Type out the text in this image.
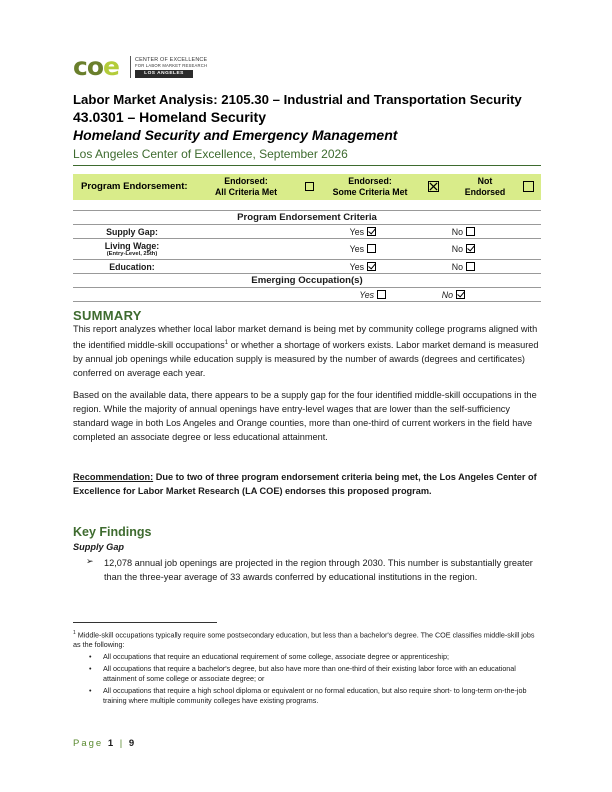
coe	CENTER OF EXCELLENCE
FOR LABOR MARKET RESEARCH
LOS ANGELES
Labor Market Analysis: 2105.30 – Industrial and Transportation Security
43.0301 – Homeland Security
Homeland Security and Emergency Management
Los Angeles Center of Excellence, September 2026
Program Endorsement:	Endorsed:
All Criteria Met
Endorsed:
Some Criteria Met
Not
Endorsed
Program Endorsement Criteria		
Supply Gap:	Yes	No
Living Wage:
(Entry-Level, 25th)	Yes	No
Education:	Yes	No
Emerging Occupation(s)		
Yes		No
SUMMARY
This report analyzes whether local labor market demand is being met by community college programs aligned with the identified middle-skill occupations$^1$ or whether a shortage of workers exists. Labor market demand is measured by annual job openings while education supply is measured by the number of awards (degrees and certificates) conferred on average each year.
Based on the available data, there appears to be a supply gap for the four identified middle-skill occupations in the region. While the majority of annual openings have entry-level wages that are lower than the self-sufficiency standard wage in both Los Angeles and Orange counties, more than one-third of current workers in the field have completed an associate degree or less educational attainment.
Recommendation: Due to two of three program endorsement criteria being met, the Los Angeles Center of Excellence for Labor Market Research (LA COE) endorses this proposed program.
Key Findings
Supply Gap
➢ 12,078 annual job openings are projected in the region through 2030. This number is substantially greater than the three-year average of 33 awards conferred by educational institutions in the region.
$^1$ Middle-skill occupations typically require some postsecondary education, but less than a bachelor's degree. The COE classifies middle-skill jobs as the following:
• All occupations that require an educational requirement of some college, associate degree or apprenticeship;
• All occupations that require a bachelor's degree, but also have more than one-third of their existing labor force with an educational attainment of some college or associate degree; or
• All occupations that require a high school diploma or equivalent or no formal education, but also require short- to long-term on-the-job training where multiple community colleges have existing programs.
Page 1 | 9
